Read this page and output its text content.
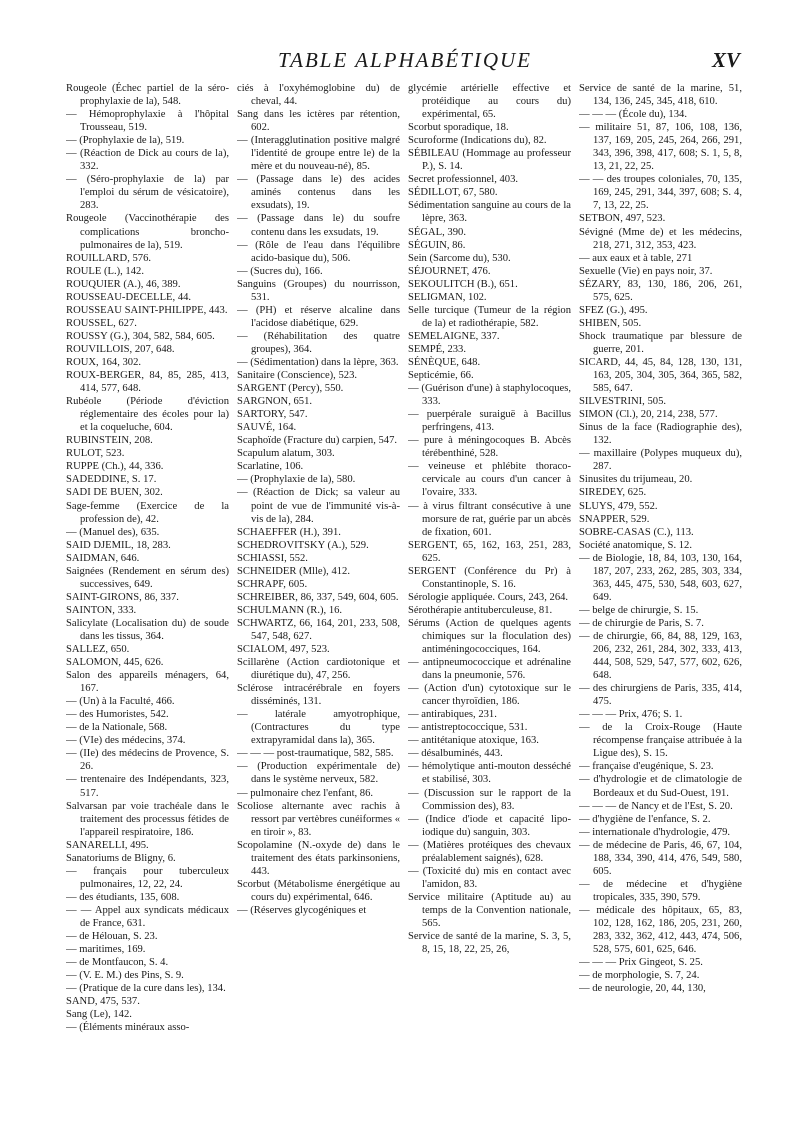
TABLE ALPHABÉTIQUE	XV

Rougeole (Échec partiel de la séro-prophylaxie de la), 548.

— Hémoprophylaxie à l'hôpital Trousseau, 519.

— (Prophylaxie de la), 519.

— (Réaction de Dick au cours de la), 332.

— (Séro-prophylaxie de la) par l'emploi du sérum de vésicatoire), 283.

Rougeole (Vaccinothérapie des complications broncho-pulmonaires de la), 519.

ROUILLARD, 576.

ROULE (L.), 142.

ROUQUIER (A.), 46, 389.

ROUSSEAU-DECELLE, 44.

ROUSSEAU SAINT-PHILIPPE, 443.

ROUSSEL, 627.

ROUSSY (G.), 304, 582, 584, 605.

ROUVILLOIS, 207, 648.

ROUX, 164, 302.

ROUX-BERGER, 84, 85, 285, 413, 414, 577, 648.

Rubéole (Période d'éviction réglementaire des écoles pour la) et la coqueluche, 604.

RUBINSTEIN, 208.

RULOT, 523.

RUPPE (Ch.), 44, 336.

SADEDDINE, S. 17.

SADI DE BUEN, 302.

Sage-femme (Exercice de la profession de), 42.

— (Manuel des), 635.

SAID DJEMIL, 18, 283.

SAIDMAN, 646.

Saignées (Rendement en sérum des) successives, 649.

SAINT-GIRONS, 86, 337.

SAINTON, 333.

Salicylate (Localisation du) de soude dans les tissus, 364.

SALLEZ, 650.

SALOMON, 445, 626.

Salon des appareils ménagers, 64, 167.

— (Un) à la Faculté, 466.

— des Humoristes, 542.

— de la Nationale, 568.

— (VIe) des médecins, 374.

— (IIe) des médecins de Provence, S. 26.

— trentenaire des Indépendants, 323, 517.

Salvarsan par voie trachéale dans le traitement des processus fétides de l'appareil respiratoire, 186.

SANARELLI, 495.

Sanatoriums de Bligny, 6.

— français pour tuberculeux pulmonaires, 12, 22, 24.

— des étudiants, 135, 608.

— — Appel aux syndicats médicaux de France, 631.

— de Hélouan, S. 23.

— maritimes, 169.

— de Montfaucon, S. 4.

— (V. E. M.) des Pins, S. 9.

— (Pratique de la cure dans les), 134.

SAND, 475, 537.

Sang (Le), 142.

— (Éléments minéraux asso-

ciés à l'oxyhémoglobine du) de cheval, 44.

Sang dans les ictères par rétention, 602.

— (Interagglutination positive malgré l'identité de groupe entre le) de la mère et du nouveau-né), 85.

— (Passage dans le) des acides aminés contenus dans les exsudats), 19.

— (Passage dans le) du soufre contenu dans les exsudats, 19.

— (Rôle de l'eau dans l'équilibre acido-basique du), 506.

— (Sucres du), 166.

Sanguins (Groupes) du nourrisson, 531.

— (PH) et réserve alcaline dans l'acidose diabétique, 629.

— (Réhabilitation des quatre groupes), 364.

— (Sédimentation) dans la lèpre, 363.

Sanitaire (Conscience), 523.

SARGENT (Percy), 550.

SARGNON, 651.

SARTORY, 547.

SAUVÉ, 164.

Scaphoïde (Fracture du) carpien, 547.

Scapulum alatum, 303.

Scarlatine, 106.

— (Prophylaxie de la), 580.

— (Réaction de Dick; sa valeur au point de vue de l'immunité vis-à-vis de la), 284.

SCHAEFFER (H.), 391.

SCHEDROVITSKY (A.), 529.

SCHIASSI, 552.

SCHNEIDER (Mlle), 412.

SCHRAPF, 605.

SCHREIBER, 86, 337, 549, 604, 605.

SCHULMANN (R.), 16.

SCHWARTZ, 66, 164, 201, 233, 508, 547, 548, 627.

SCIALOM, 497, 523.

Scillarène (Action cardiotonique et diurétique du), 47, 256.

Sclérose intracérébrale en foyers disséminés, 131.

— latérale amyotrophique, (Contractures du type extrapyramidal dans la), 365.

— — — post-traumatique, 582, 585.

— (Production expérimentale de) dans le système nerveux, 582.

— pulmonaire chez l'enfant, 86.

Scoliose alternante avec rachis à ressort par vertèbres cunéiformes « en tiroir », 83.

Scopolamine (N.-oxyde de) dans le traitement des états parkinsoniens, 443.

Scorbut (Métabolisme énergétique au cours du) expérimental, 646.

— (Réserves glycogéniques et

glycémie artérielle effective et protéidique au cours du) expérimental, 65.

Scorbut sporadique, 18.

Scuroforme (Indications du), 82.

SÉBILEAU (Hommage au professeur P.), S. 14.

Secret professionnel, 403.

SÉDILLOT, 67, 580.

Sédimentation sanguine au cours de la lèpre, 363.

SÉGAL, 390.

SÉGUIN, 86.

Sein (Sarcome du), 530.

SÉJOURNET, 476.

SEKOULITCH (B.), 651.

SELIGMAN, 102.

Selle turcique (Tumeur de la région de la) et radiothérapie, 582.

SEMELAIGNE, 337.

SEMPÉ, 233.

SÉNÈQUE, 648.

Septicémie, 66.

— (Guérison d'une) à staphylocoques, 333.

— puerpérale suraiguë à Bacillus perfringens, 413.

— pure à méningocoques B. Abcès térébenthiné, 528.

— veineuse et phlébite thoraco-cervicale au cours d'un cancer à l'ovaire, 333.

— à virus filtrant consécutive à une morsure de rat, guérie par un abcès de fixation, 601.

SERGENT, 65, 162, 163, 251, 283, 625.

SERGENT (Conférence du Pr) à Constantinople, S. 16.

Sérologie appliquée. Cours, 243, 264.

Sérothérapie antituberculeuse, 81.

Sérums (Action de quelques agents chimiques sur la floculation des) antiméningococciques, 164.

— antipneumococcique et adrénaline dans la pneumonie, 576.

— (Action d'un) cytotoxique sur le cancer thyroïdien, 186.

— antirabiques, 231.

— antistreptococcique, 531.

— antitétanique atoxique, 163.

— désalbuminés, 443.

— hémolytique anti-mouton desséché et stabilisé, 303.

— (Discussion sur le rapport de la Commission des), 83.

— (Indice d'iode et capacité lipo-iodique du) sanguin, 303.

— (Matières protéiques des chevaux préalablement saignés), 628.

— (Toxicité du) mis en contact avec l'amidon, 83.

Service militaire (Aptitude au) au temps de la Convention nationale, 565.

Service de santé de la marine, S. 3, 5, 8, 15, 18, 22, 25, 26,

Service de santé de la marine, 51, 134, 136, 245, 345, 418, 610.

— — — (École du), 134.

— militaire 51, 87, 106, 108, 136, 137, 169, 205, 245, 264, 266, 291, 343, 396, 398, 417, 608; S. 1, 5, 8, 13, 21, 22, 25.

— — des troupes coloniales, 70, 135, 169, 245, 291, 344, 397, 608; S. 4, 7, 13, 22, 25.

SETBON, 497, 523.

Sévigné (Mme de) et les médecins, 218, 271, 312, 353, 423.

— aux eaux et à table, 271

Sexuelle (Vie) en pays noir, 37.

SÉZARY, 83, 130, 186, 206, 261, 575, 625.

SFEZ (G.), 495.

SHIBEN, 505.

Shock traumatique par blessure de guerre, 201.

SICARD, 44, 45, 84, 128, 130, 131, 163, 205, 304, 305, 364, 365, 582, 585, 647.

SILVESTRINI, 505.

SIMON (Cl.), 20, 214, 238, 577.

Sinus de la face (Radiographie des), 132.

— maxillaire (Polypes muqueux du), 287.

Sinusites du trijumeau, 20.

SIREDEY, 625.

SLUYS, 479, 552.

SNAPPER, 529.

SOBRE-CASAS (C.), 113.

Société anatomique, S. 12.

— de Biologie, 18, 84, 103, 130, 164, 187, 207, 233, 262, 285, 303, 334, 363, 445, 475, 530, 548, 603, 627, 649.

— belge de chirurgie, S. 15.

— de chirurgie de Paris, S. 7.

— de chirurgie, 66, 84, 88, 129, 163, 206, 232, 261, 284, 302, 333, 413, 444, 508, 529, 547, 577, 602, 626, 648.

— des chirurgiens de Paris, 335, 414, 475.

— — — Prix, 476; S. 1.

— de la Croix-Rouge (Haute récompense française attribuée à la Ligue des), S. 15.

— française d'eugénique, S. 23.

— d'hydrologie et de climatologie de Bordeaux et du Sud-Ouest, 191.

— — — de Nancy et de l'Est, S. 20.

— d'hygiène de l'enfance, S. 2.

— internationale d'hydrologie, 479.

— de médecine de Paris, 46, 67, 104, 188, 334, 390, 414, 476, 549, 580, 605.

— de médecine et d'hygiène tropicales, 335, 390, 579.

— médicale des hôpitaux, 65, 83, 102, 128, 162, 186, 205, 231, 260, 283, 332, 362, 412, 443, 474, 506, 528, 575, 601, 625, 646.

— — — Prix Gingeot, S. 25.

— de morphologie, S. 7, 24.

— de neurologie, 20, 44, 130,
